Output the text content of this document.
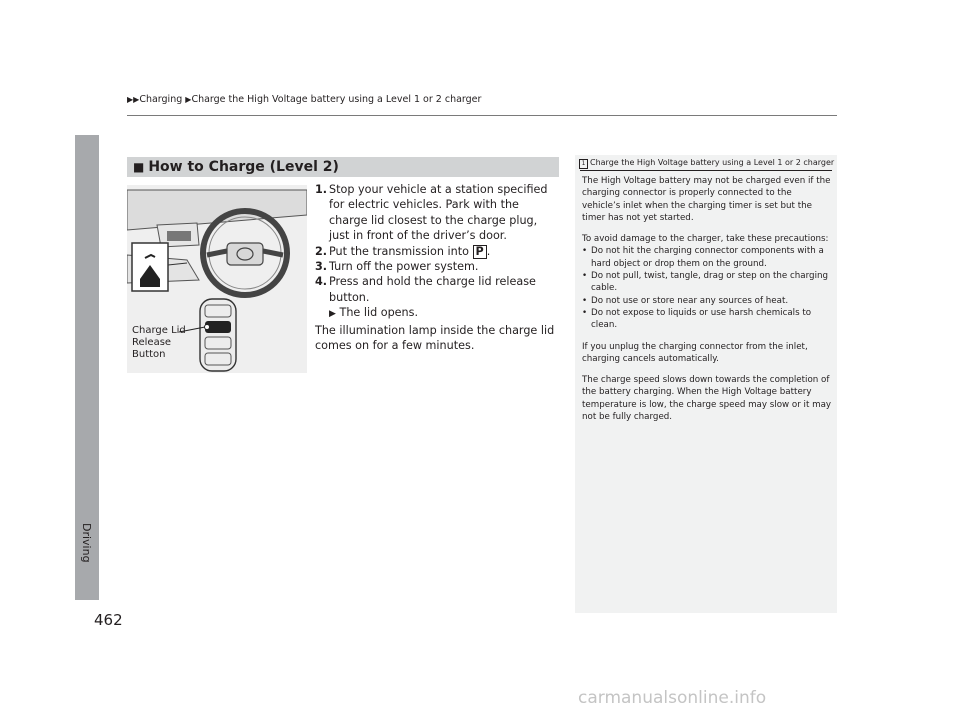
▶▶Charging ▶Charge the High Voltage battery using a Level 1 or 2 charger
Driving
462
■ How to Charge (Level 2)
Charge Lid
Release
Button
1. Stop your vehicle at a station specified for electric vehicles. Park with the charge lid closest to the charge plug, just in front of the driver’s door.
2. Put the transmission into P .
3. Turn off the power system.
4. Press and hold the charge lid release button.
▶ The lid opens.
The illumination lamp inside the charge lid comes on for a few minutes.
1 Charge the High Voltage battery using a Level 1 or 2 charger

The High Voltage battery may not be charged even if the charging connector is properly connected to the vehicle’s inlet when the charging timer is set but the timer has not yet started.

To avoid damage to the charger, take these precautions:

• Do not hit the charging connector components with a hard object or drop them on the ground.
• Do not pull, twist, tangle, drag or step on the charging cable.
• Do not use or store near any sources of heat.
• Do not expose to liquids or use harsh chemicals to clean.

If you unplug the charging connector from the inlet, charging cancels automatically.

The charge speed slows down towards the completion of the battery charging. When the High Voltage battery temperature is low, the charge speed may slow or it may not be fully charged.

carmanualsonline.info
